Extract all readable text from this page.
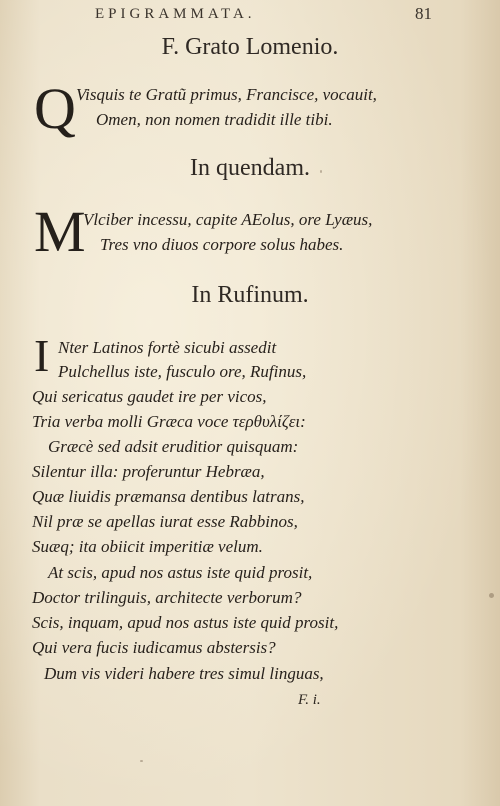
EPIGRAMMATA.	81
F. Grato Lomenio.
Q Visquis te Gratũ primus, Francisce, vocauit,
Omen, non nomen tradidit ille tibi.
In quendam.
M
Vlciber incessu, capite AEolus, ore Lyæus,
Tres vno diuos corpore solus habes.
In Rufinum.
I Nter Latinos fortè sicubi assedit
Pulchellus iste, fusculo ore, Rufinus,
Qui sericatus gaudet ire per vicos,
Tria verba molli Græca voce τερθυλίζει:
Græcè sed adsit eruditior quisquam:
Silentur illa: proferuntur Hebræa,
Quæ liuidis præmansa dentibus latrans,
Nil præ se apellas iurat esse Rabbinos,
Suæq; ita obiicit imperitiæ velum.
At scis, apud nos astus iste quid prosit,
Doctor trilinguis, architecte verborum?
Scis, inquam, apud nos astus iste quid prosit,
Qui vera fucis iudicamus abstersis?
Dum vis videri habere tres simul linguas,
F. i.
